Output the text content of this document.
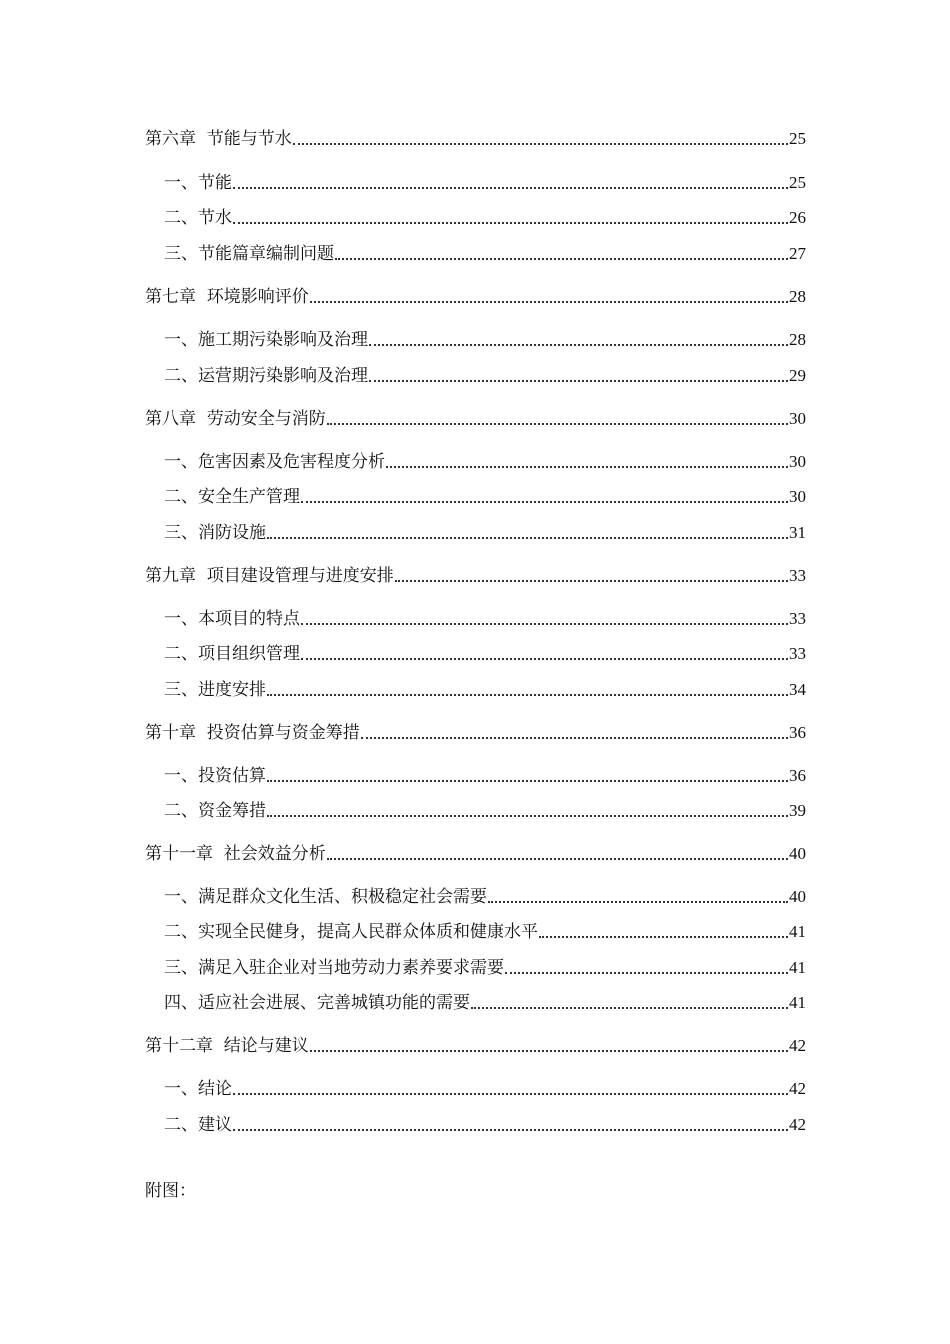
第六章  节能与节水	25
一、节能	25
二、节水	26
三、节能篇章编制问题	27
第七章  环境影响评价	28
一、施工期污染影响及治理	28
二、运营期污染影响及治理	29
第八章  劳动安全与消防	30
一、危害因素及危害程度分析	30
二、安全生产管理	30
三、消防设施	31
第九章  项目建设管理与进度安排	33
一、本项目的特点	33
二、项目组织管理	33
三、进度安排	34
第十章  投资估算与资金筹措	36
一、投资估算	36
二、资金筹措	39
第十一章  社会效益分析	40
一、满足群众文化生活、积极稳定社会需要	40
二、实现全民健身，提高人民群众体质和健康水平	41
三、满足入驻企业对当地劳动力素养要求需要	41
四、适应社会进展、完善城镇功能的需要	41
第十二章  结论与建议	42
一、结论	42
二、建议	42
附图：
